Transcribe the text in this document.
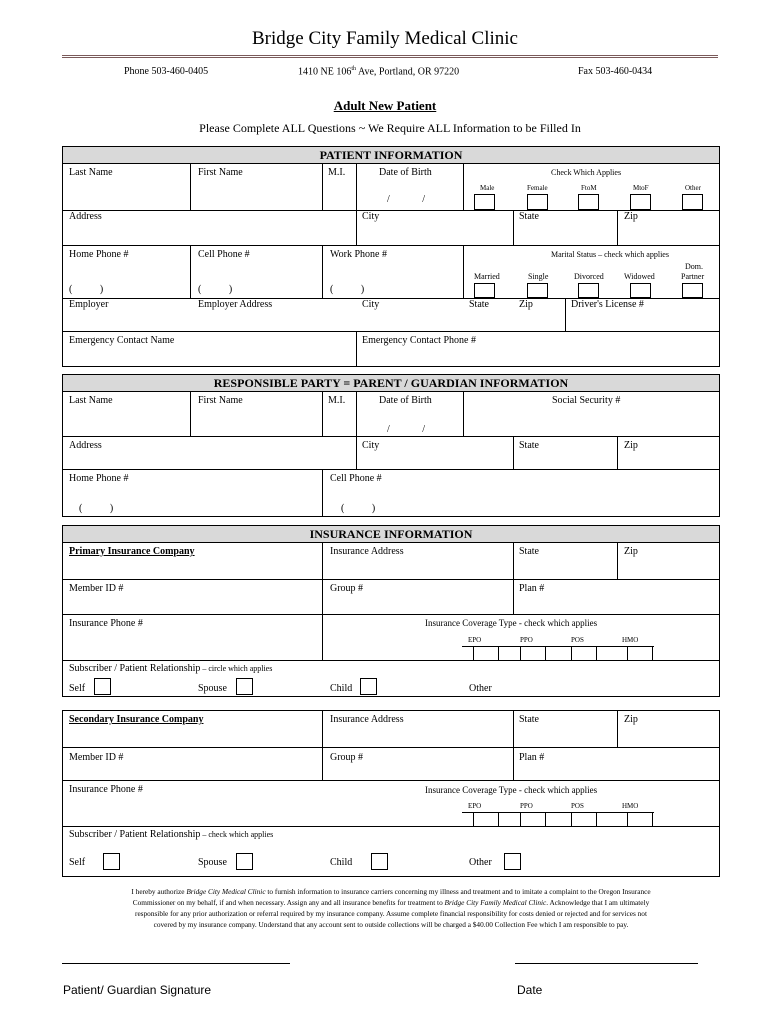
Bridge City Family Medical Clinic
Phone 503-460-0405	1410 NE 106th Ave, Portland, OR 97220	Fax 503-460-0434
Adult New Patient
Please Complete ALL Questions ~ We Require ALL Information to be Filled In
PATIENT INFORMATION
Last Name	First Name	M.I.	Date of Birth
/ /
Check Which Applies
Male	Female	FtoM	MtoF	Other
Address	City	State	Zip
Home Phone #	Cell Phone #	Work Phone #
(           )	(           )	(           )
Marital Status – check which applies
Married	Single	Divorced	Widowed
Dom.
Partner
Employer	Employer Address	City	State	Zip	Driver's License #
Emergency Contact Name	Emergency Contact Phone #
RESPONSIBLE PARTY = PARENT / GUARDIAN INFORMATION
Last Name	First Name	M.I.	Date of Birth	Social Security #
/ /
Address	City	State	Zip
Home Phone #	Cell Phone #
(           )	(           )
INSURANCE INFORMATION
Primary Insurance Company	Insurance Address	State	Zip
Member ID #	Group #	Plan #
Insurance Phone #	Insurance Coverage Type - check which applies
EPO	PPO	POS	HMO
Subscriber / Patient Relationship – circle which applies
Self	Spouse	Child	Other
Secondary Insurance Company	Insurance Address	State	Zip
Member ID #	Group #	Plan #
Insurance Phone #	Insurance Coverage Type - check which applies
EPO	PPO	POS	HMO
Subscriber / Patient Relationship – check which applies
Self	Spouse	Child	Other
I hereby authorize Bridge City Medical Clinic to furnish information to insurance carriers concerning my illness and treatment and to imitate a complaint to the Oregon Insurance
Commissioner on my behalf, if and when necessary. Assign any and all insurance benefits for treatment to Bridge City Family Medical Clinic. Acknowledge that I am ultimately
responsible for any prior authorization or referral required by my insurance company. Assume complete financial responsibility for costs denied or rejected and for services not
covered by my insurance company. Understand that any account sent to outside collections will be charged a $40.00 Collection Fee which I am responsible to pay.
Patient/ Guardian Signature	Date
